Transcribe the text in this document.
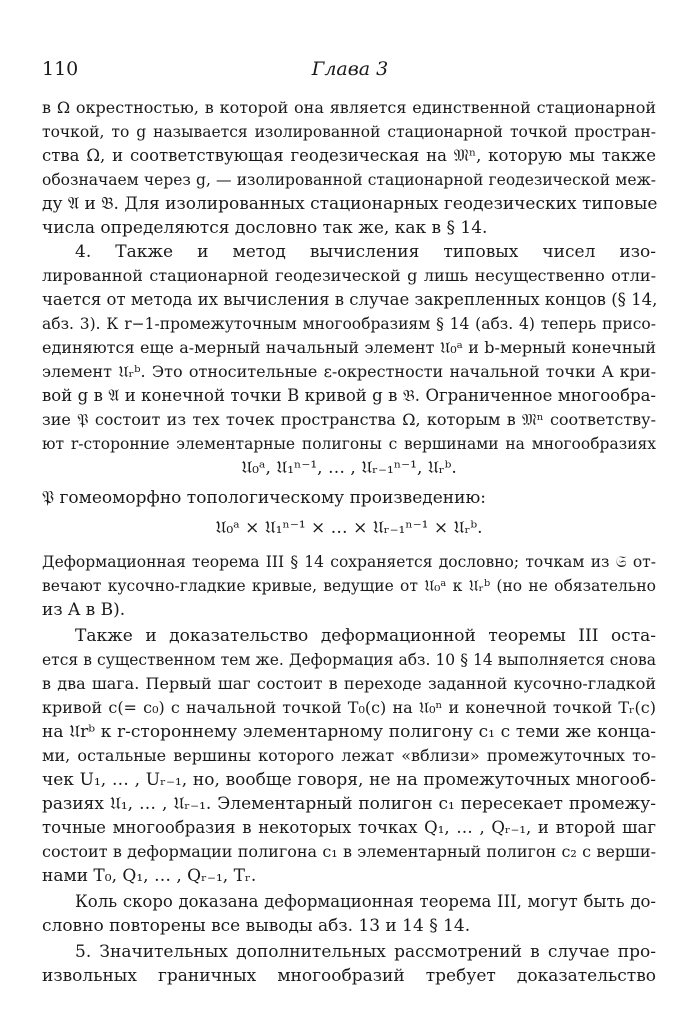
110	Глава 3
в Ω окрестностью, в которой она является единственной стационарной
точкой, то g называется изолированной стационарной точкой простран-
ства Ω, и соответствующая геодезическая на 𝔐ⁿ, которую мы также
обозначаем через g, — изолированной стационарной геодезической меж-
ду 𝔄 и 𝔅. Для изолированных стационарных геодезических типовые
числа определяются дословно так же, как в § 14.
4. Также и метод вычисления типовых чисел изо-
лированной стационарной геодезической g лишь несущественно отли-
чается от метода их вычисления в случае закрепленных концов (§ 14,
абз. 3). К r−1-промежуточным многообразиям § 14 (абз. 4) теперь присо-
единяются еще a-мерный начальный элемент 𝔘₀ᵃ и b-мерный конечный
элемент 𝔘ᵣᵇ. Это относительные ε-окрестности начальной точки A кри-
вой g в 𝔄 и конечной точки B кривой g в 𝔅. Ограниченное многообра-
зие 𝔓 состоит из тех точек пространства Ω, которым в 𝔐ⁿ соответству-
ют r-сторонние элементарные полигоны с вершинами на многообразиях
𝔘₀ᵃ, 𝔘₁ⁿ⁻¹, … , 𝔘ᵣ₋₁ⁿ⁻¹, 𝔘ᵣᵇ.
𝔓 гомеоморфно топологическому произведению:
𝔘₀ᵃ × 𝔘₁ⁿ⁻¹ × … × 𝔘ᵣ₋₁ⁿ⁻¹ × 𝔘ᵣᵇ.
Деформационная теорема III § 14 сохраняется дословно; точкам из 𝔖 от-
вечают кусочно-гладкие кривые, ведущие от 𝔘₀ᵃ к 𝔘ᵣᵇ (но не обязательно
из A в B).
Также и доказательство деформационной теоремы III оста-
ется в существенном тем же. Деформация абз. 10 § 14 выполняется снова
в два шага. Первый шаг состоит в переходе заданной кусочно-гладкой
кривой c(= c₀) с начальной точкой T₀(c) на 𝔘₀ⁿ и конечной точкой Tᵣ(c)
на 𝔘rᵇ к r-стороннему элементарному полигону c₁ с теми же конца-
ми, остальные вершины которого лежат «вблизи» промежуточных то-
чек U₁, … , Uᵣ₋₁, но, вообще говоря, не на промежуточных многооб-
разиях 𝔘₁, … , 𝔘ᵣ₋₁. Элементарный полигон c₁ пересекает промежу-
точные многообразия в некоторых точках Q₁, … , Qᵣ₋₁, и второй шаг
состоит в деформации полигона c₁ в элементарный полигон c₂ с верши-
нами T₀, Q₁, … , Qᵣ₋₁, Tᵣ.
Коль скоро доказана деформационная теорема III, могут быть до-
словно повторены все выводы абз. 13 и 14 § 14.
5. Значительных дополнительных рассмотрений в случае про-
извольных граничных многообразий требует доказательство
